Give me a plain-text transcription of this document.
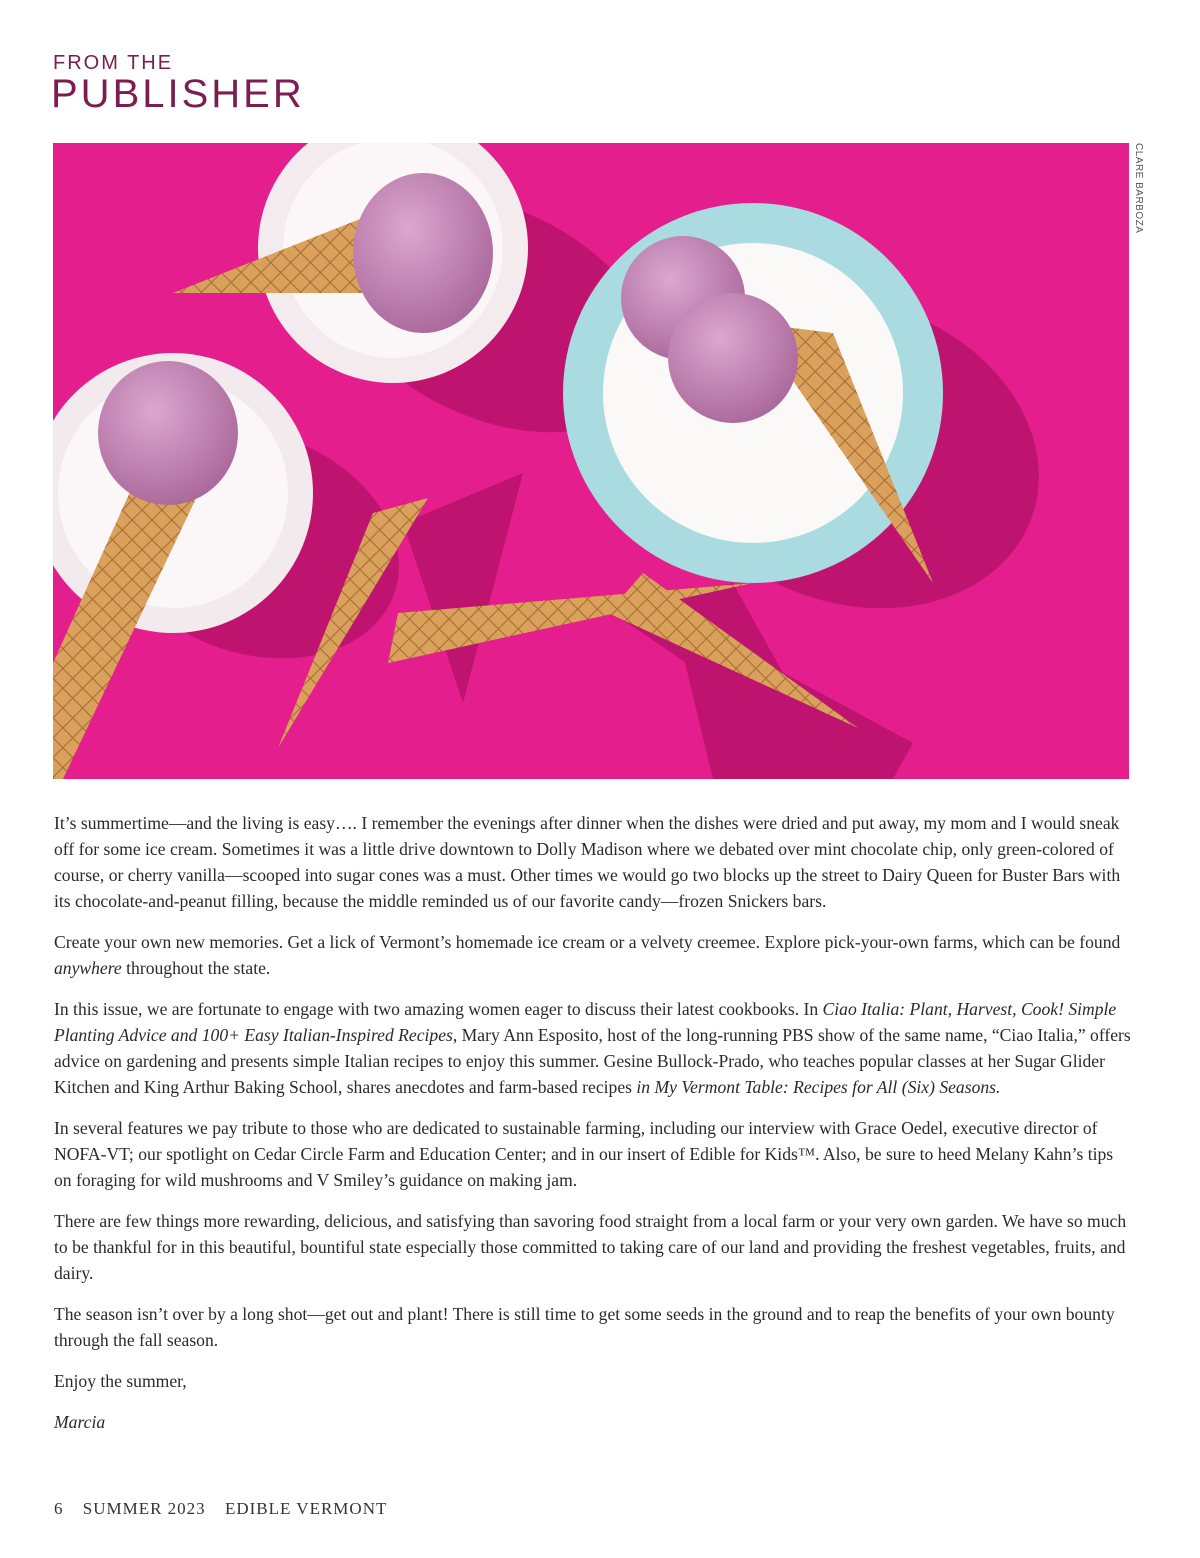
FROM THE
PUBLISHER
CLARE BARBOZA

It’s summertime—and the living is easy…. I remember the evenings after dinner when the dishes were dried and put away, my mom and I would sneak off for some ice cream. Sometimes it was a little drive downtown to Dolly Madison where we debated over mint chocolate chip, only green-colored of course, or cherry vanilla—scooped into sugar cones was a must. Other times we would go two blocks up the street to Dairy Queen for Buster Bars with its chocolate-and-peanut filling, because the middle reminded us of our favorite candy—frozen Snickers bars.

Create your own new memories. Get a lick of Vermont’s homemade ice cream or a velvety creemee. Explore pick-your-own farms, which can be found anywhere throughout the state.

In this issue, we are fortunate to engage with two amazing women eager to discuss their latest cookbooks. In Ciao Italia: Plant, Harvest, Cook! Simple Planting Advice and 100+ Easy Italian-Inspired Recipes, Mary Ann Esposito, host of the long-running PBS show of the same name, “Ciao Italia,” offers advice on gardening and presents simple Italian recipes to enjoy this summer. Gesine Bullock-Prado, who teaches popular classes at her Sugar Glider Kitchen and King Arthur Baking School, shares anecdotes and farm-based recipes in My Vermont Table: Recipes for All (Six) Seasons.

In several features we pay tribute to those who are dedicated to sustainable farming, including our interview with Grace Oedel, executive director of NOFA-VT; our spotlight on Cedar Circle Farm and Education Center; and in our insert of Edible for Kids™. Also, be sure to heed Melany Kahn’s tips on foraging for wild mushrooms and V Smiley’s guidance on making jam.

There are few things more rewarding, delicious, and satisfying than savoring food straight from a local farm or your very own garden. We have so much to be thankful for in this beautiful, bountiful state especially those committed to taking care of our land and providing the freshest vegetables, fruits, and dairy.

The season isn’t over by a long shot—get out and plant! There is still time to get some seeds in the ground and to reap the benefits of your own bounty through the fall season.

Enjoy the summer,

Marcia

6 SUMMER 2023 EDIBLE VERMONT
